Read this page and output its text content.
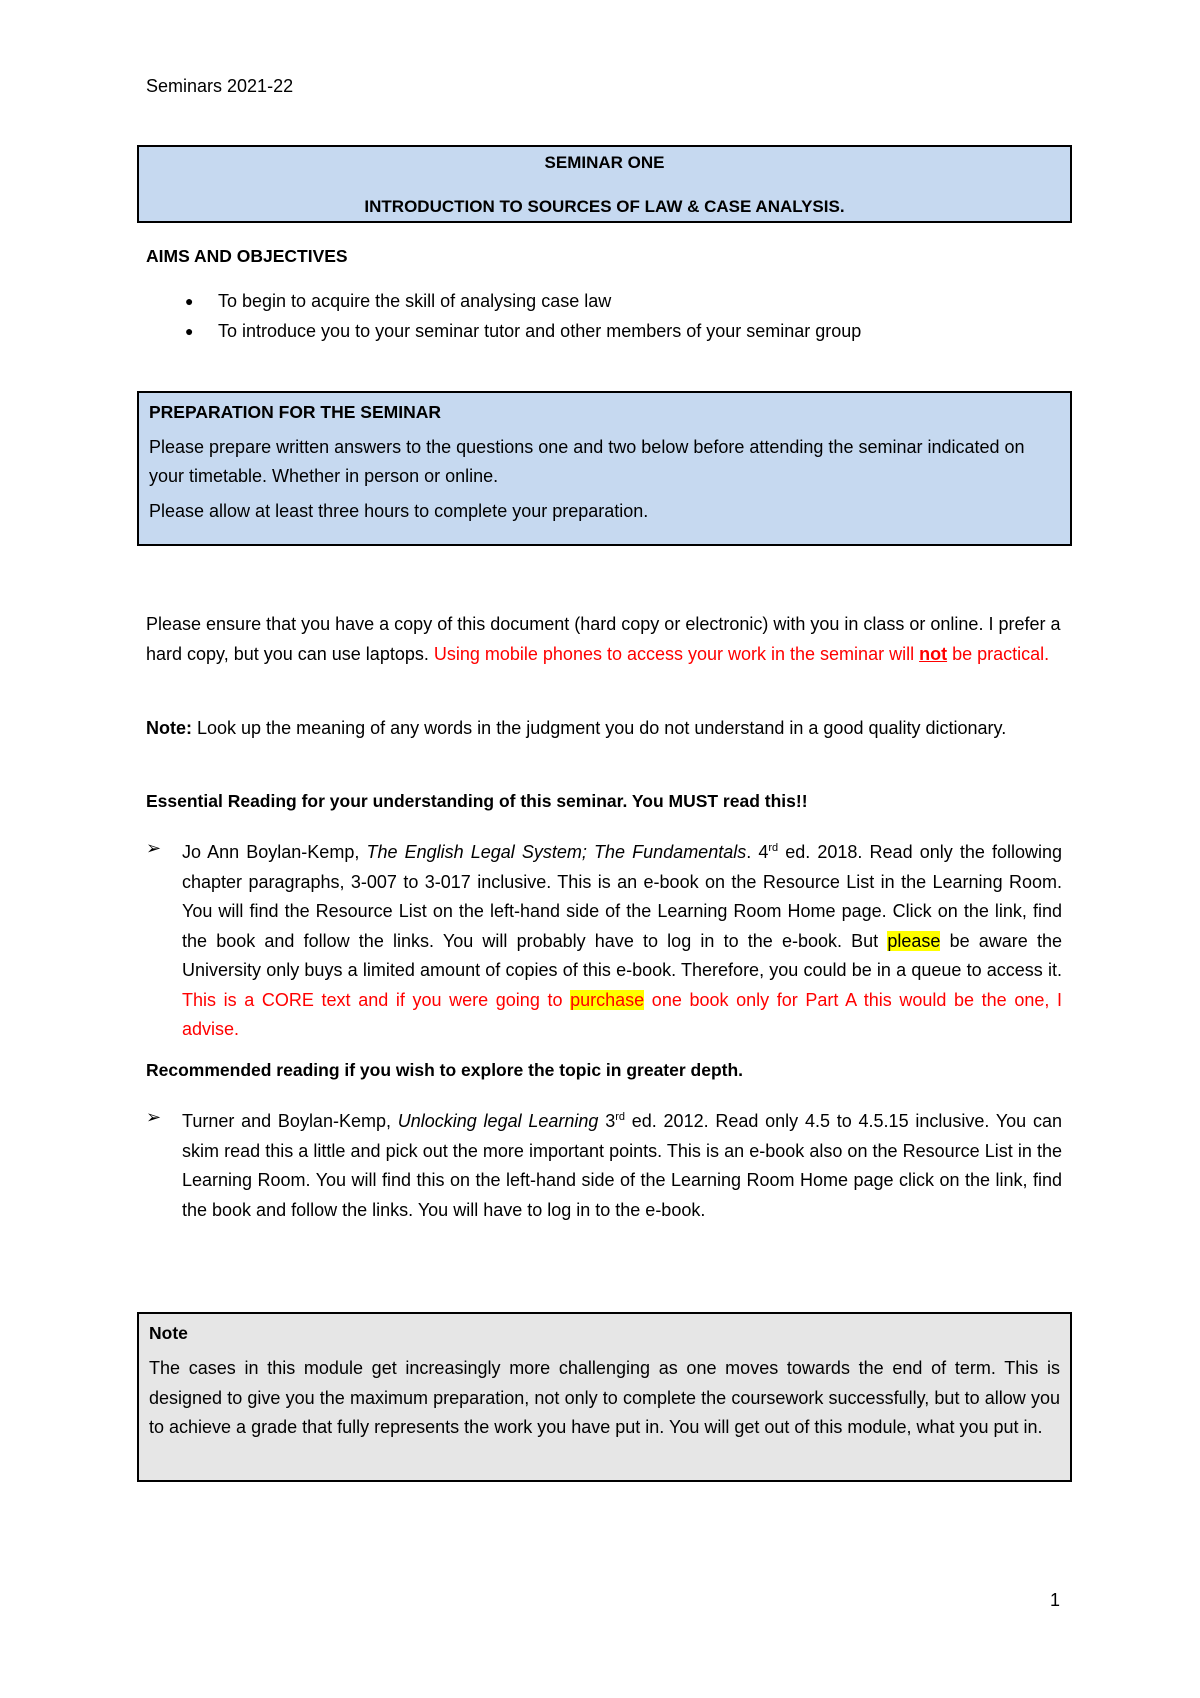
Seminars 2021-22
SEMINAR ONE
INTRODUCTION TO SOURCES OF LAW & CASE ANALYSIS.
AIMS AND OBJECTIVES
● To begin to acquire the skill of analysing case law
● To introduce you to your seminar tutor and other members of your seminar group
PREPARATION FOR THE SEMINAR

Please prepare written answers to the questions one and two below before attending the seminar indicated on your timetable. Whether in person or online.

Please allow at least three hours to complete your preparation.

Please ensure that you have a copy of this document (hard copy or electronic) with you in class or online. I prefer a hard copy, but you can use laptops. Using mobile phones to access your work in the seminar will not be practical.
Note: Look up the meaning of any words in the judgment you do not understand in a good quality dictionary.
Essential Reading for your understanding of this seminar. You MUST read this!!
➢ Jo Ann Boylan-Kemp, The English Legal System; The Fundamentals. 4rd ed. 2018. Read only the following chapter paragraphs, 3-007 to 3-017 inclusive. This is an e-book on the Resource List in the Learning Room. You will find the Resource List on the left-hand side of the Learning Room Home page. Click on the link, find the book and follow the links. You will probably have to log in to the e-book. But please be aware the University only buys a limited amount of copies of this e-book. Therefore, you could be in a queue to access it. This is a CORE text and if you were going to purchase one book only for Part A this would be the one, I advise.
Recommended reading if you wish to explore the topic in greater depth.
➢ Turner and Boylan-Kemp, Unlocking legal Learning 3rd ed. 2012. Read only 4.5 to 4.5.15 inclusive. You can skim read this a little and pick out the more important points. This is an e-book also on the Resource List in the Learning Room. You will find this on the left-hand side of the Learning Room Home page click on the link, find the book and follow the links. You will have to log in to the e-book.
Note

The cases in this module get increasingly more challenging as one moves towards the end of term. This is designed to give you the maximum preparation, not only to complete the coursework successfully, but to allow you to achieve a grade that fully represents the work you have put in. You will get out of this module, what you put in.

1
